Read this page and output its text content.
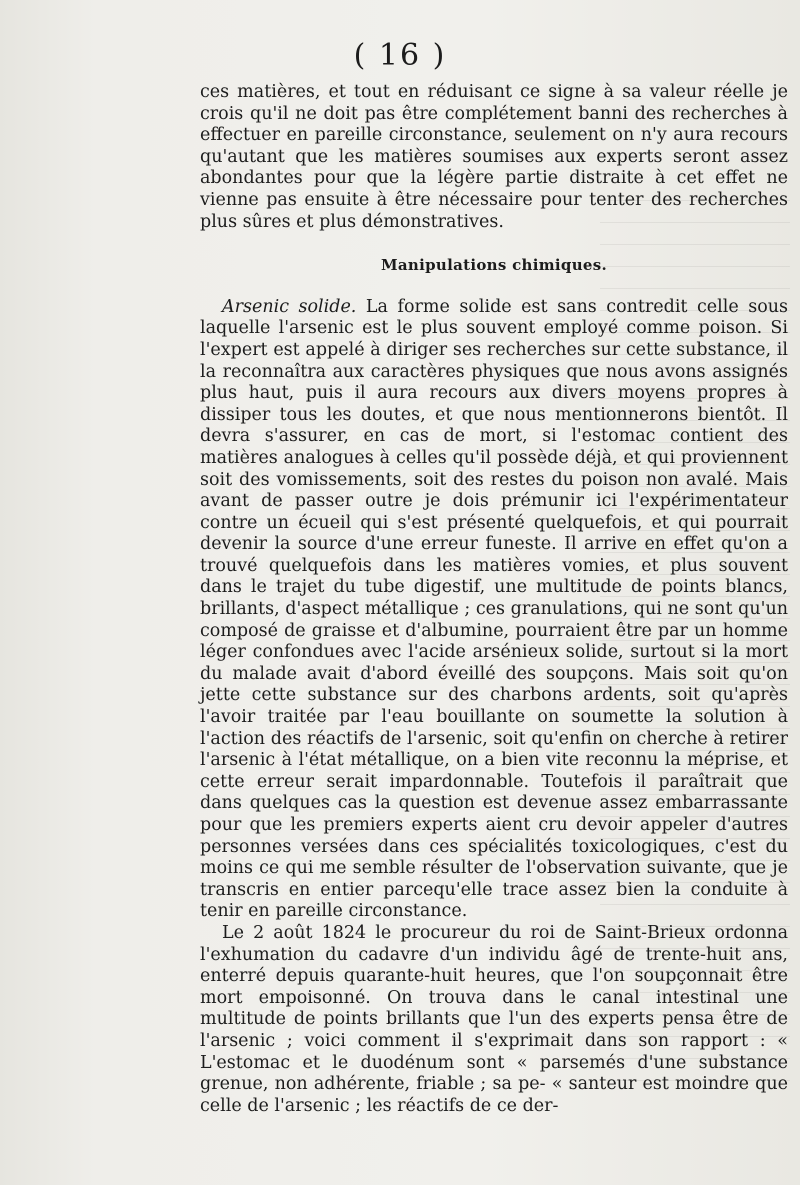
( 16 )

ces matières, et tout en réduisant ce signe à sa valeur réelle je crois qu'il ne doit pas être complétement banni des recherches à effectuer en pareille circonstance, seulement on n'y aura recours qu'autant que les matières soumises aux experts seront assez abondantes pour que la légère partie distraite à cet effet ne vienne pas ensuite à être nécessaire pour tenter des recherches plus sûres et plus démonstratives.

Manipulations chimiques.

Arsenic solide. La forme solide est sans contredit celle sous laquelle l'arsenic est le plus souvent employé comme poison. Si l'expert est appelé à diriger ses recherches sur cette substance, il la reconnaîtra aux caractères physiques que nous avons assignés plus haut, puis il aura recours aux divers moyens propres à dissiper tous les doutes, et que nous mentionnerons bientôt. Il devra s'assurer, en cas de mort, si l'estomac contient des matières analogues à celles qu'il possède déjà, et qui proviennent soit des vomissements, soit des restes du poison non avalé. Mais avant de passer outre je dois prémunir ici l'expérimentateur contre un écueil qui s'est présenté quelquefois, et qui pourrait devenir la source d'une erreur funeste. Il arrive en effet qu'on a trouvé quelquefois dans les matières vomies, et plus souvent dans le trajet du tube digestif, une multitude de points blancs, brillants, d'aspect métallique ; ces granulations, qui ne sont qu'un composé de graisse et d'albumine, pourraient être par un homme léger confondues avec l'acide arsénieux solide, surtout si la mort du malade avait d'abord éveillé des soupçons. Mais soit qu'on jette cette substance sur des charbons ardents, soit qu'après l'avoir traitée par l'eau bouillante on soumette la solution à l'action des réactifs de l'arsenic, soit qu'enfin on cherche à retirer l'arsenic à l'état métallique, on a bien vite reconnu la méprise, et cette erreur serait impardonnable. Toutefois il paraîtrait que dans quelques cas la question est devenue assez embarrassante pour que les premiers experts aient cru devoir appeler d'autres personnes versées dans ces spécialités toxicologiques, c'est du moins ce qui me semble résulter de l'observation suivante, que je transcris en entier parcequ'elle trace assez bien la conduite à tenir en pareille circonstance.

Le 2 août 1824 le procureur du roi de Saint-Brieux ordonna l'exhumation du cadavre d'un individu âgé de trente-huit ans, enterré depuis quarante-huit heures, que l'on soupçonnait être mort empoisonné. On trouva dans le canal intestinal une multitude de points brillants que l'un des experts pensa être de l'arsenic ; voici comment il s'exprimait dans son rapport : « L'estomac et le duodénum sont « parsemés d'une substance grenue, non adhérente, friable ; sa pe- « santeur est moindre que celle de l'arsenic ; les réactifs de ce der-
